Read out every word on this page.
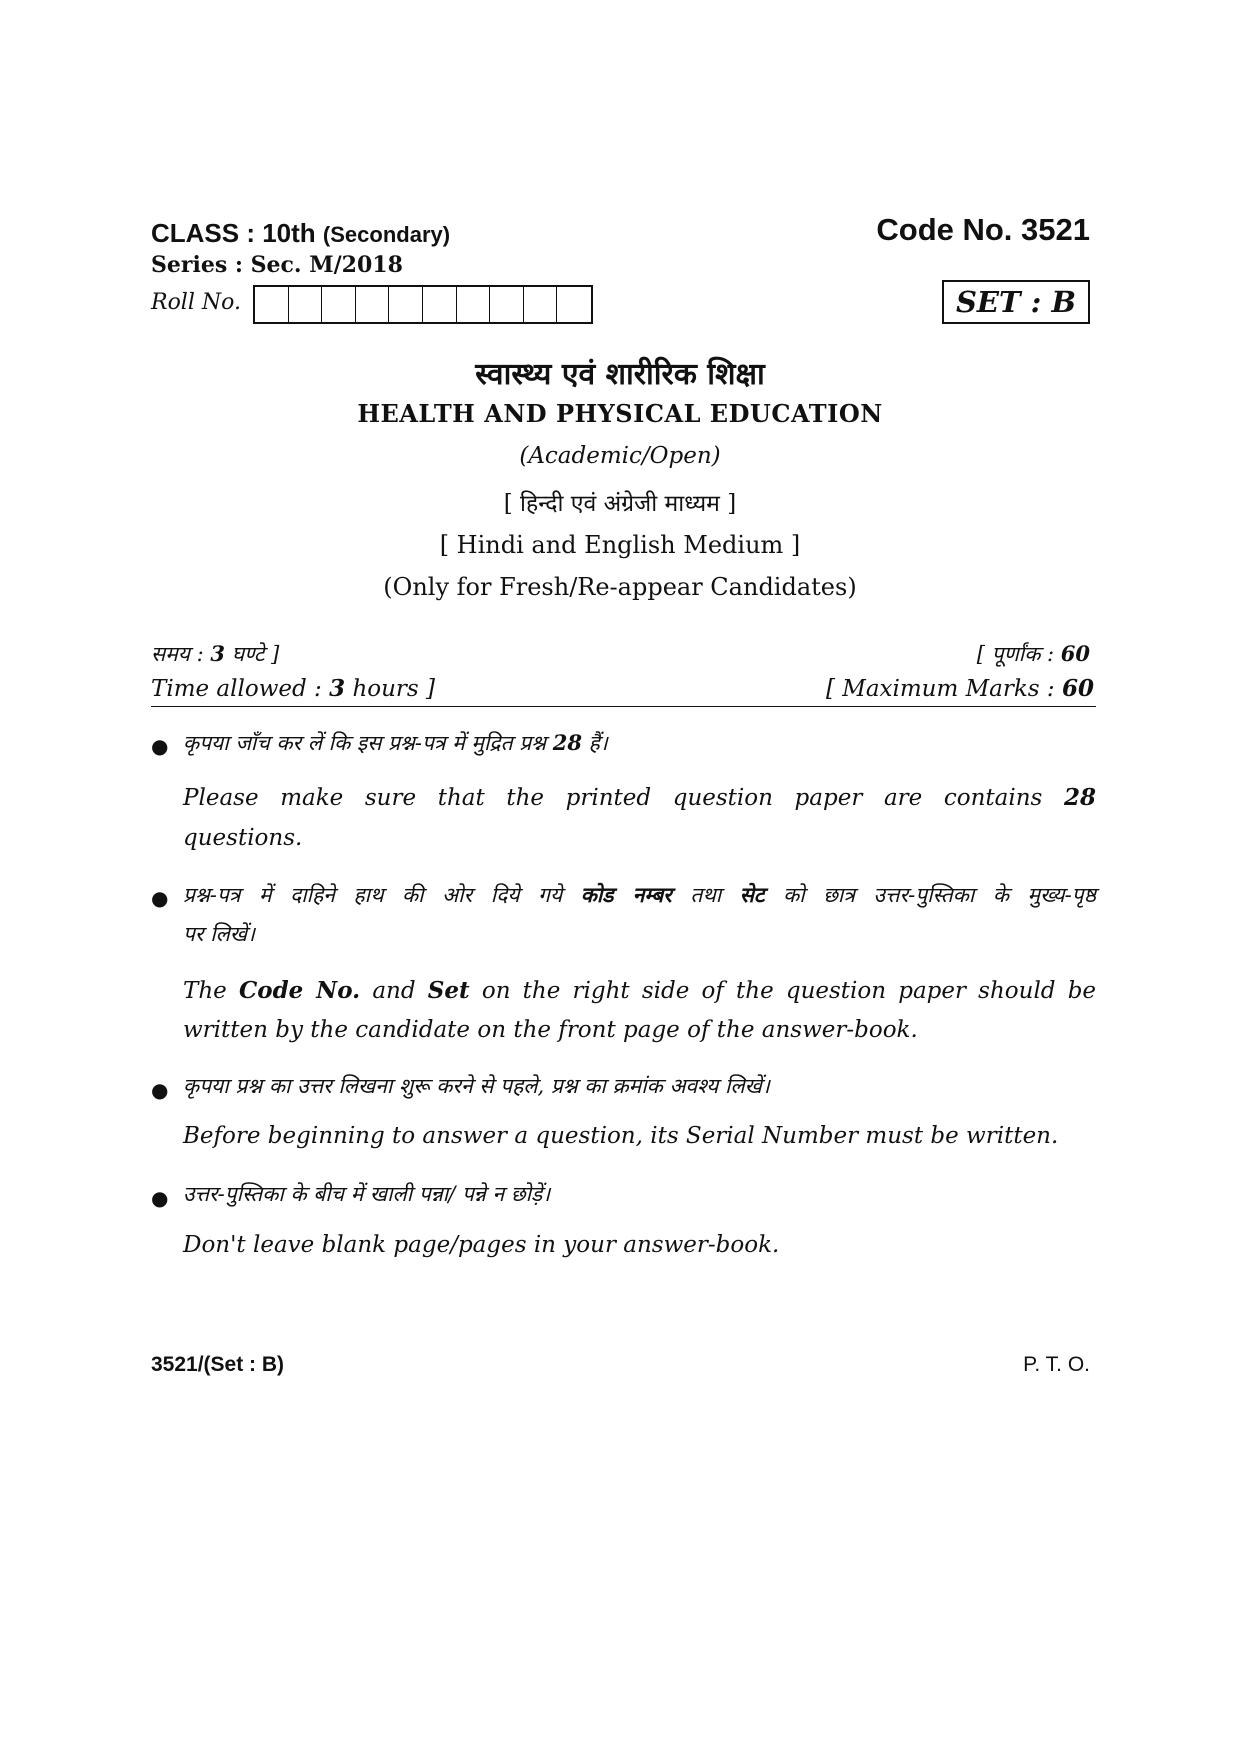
CLASS : 10th (Secondary)
Series : Sec. M/2018
Code No. 3521
Roll No.	SET : B
स्वास्थ्य एवं शारीरिक शिक्षा
HEALTH AND PHYSICAL EDUCATION
(Academic/Open)
[ हिन्दी एवं अंग्रेजी माध्यम ]
[ Hindi and English Medium ]
(Only for Fresh/Re-appear Candidates)
समय : 3 घण्टे ]
Time allowed : 3 hours ]
[ पूर्णांक : 60
[ Maximum Marks : 60
● कृपया जाँच कर लें कि इस प्रश्न-पत्र में मुद्रित प्रश्न 28 हैं।
Please make sure that the printed question paper are contains 28
questions.
● प्रश्न-पत्र में दाहिने हाथ की ओर दिये गये कोड नम्बर तथा सेट को छात्र उत्तर-पुस्तिका के मुख्य-पृष्ठ
पर लिखें।
The Code No. and Set on the right side of the question paper should be
written by the candidate on the front page of the answer-book.
● कृपया प्रश्न का उत्तर लिखना शुरू करने से पहले, प्रश्न का क्रमांक अवश्य लिखें।
Before beginning to answer a question, its Serial Number must be written.
● उत्तर-पुस्तिका के बीच में खाली पन्ना/ पन्ने न छोड़ें।
Don't leave blank page/pages in your answer-book.
3521/(Set : B)	P. T. O.
